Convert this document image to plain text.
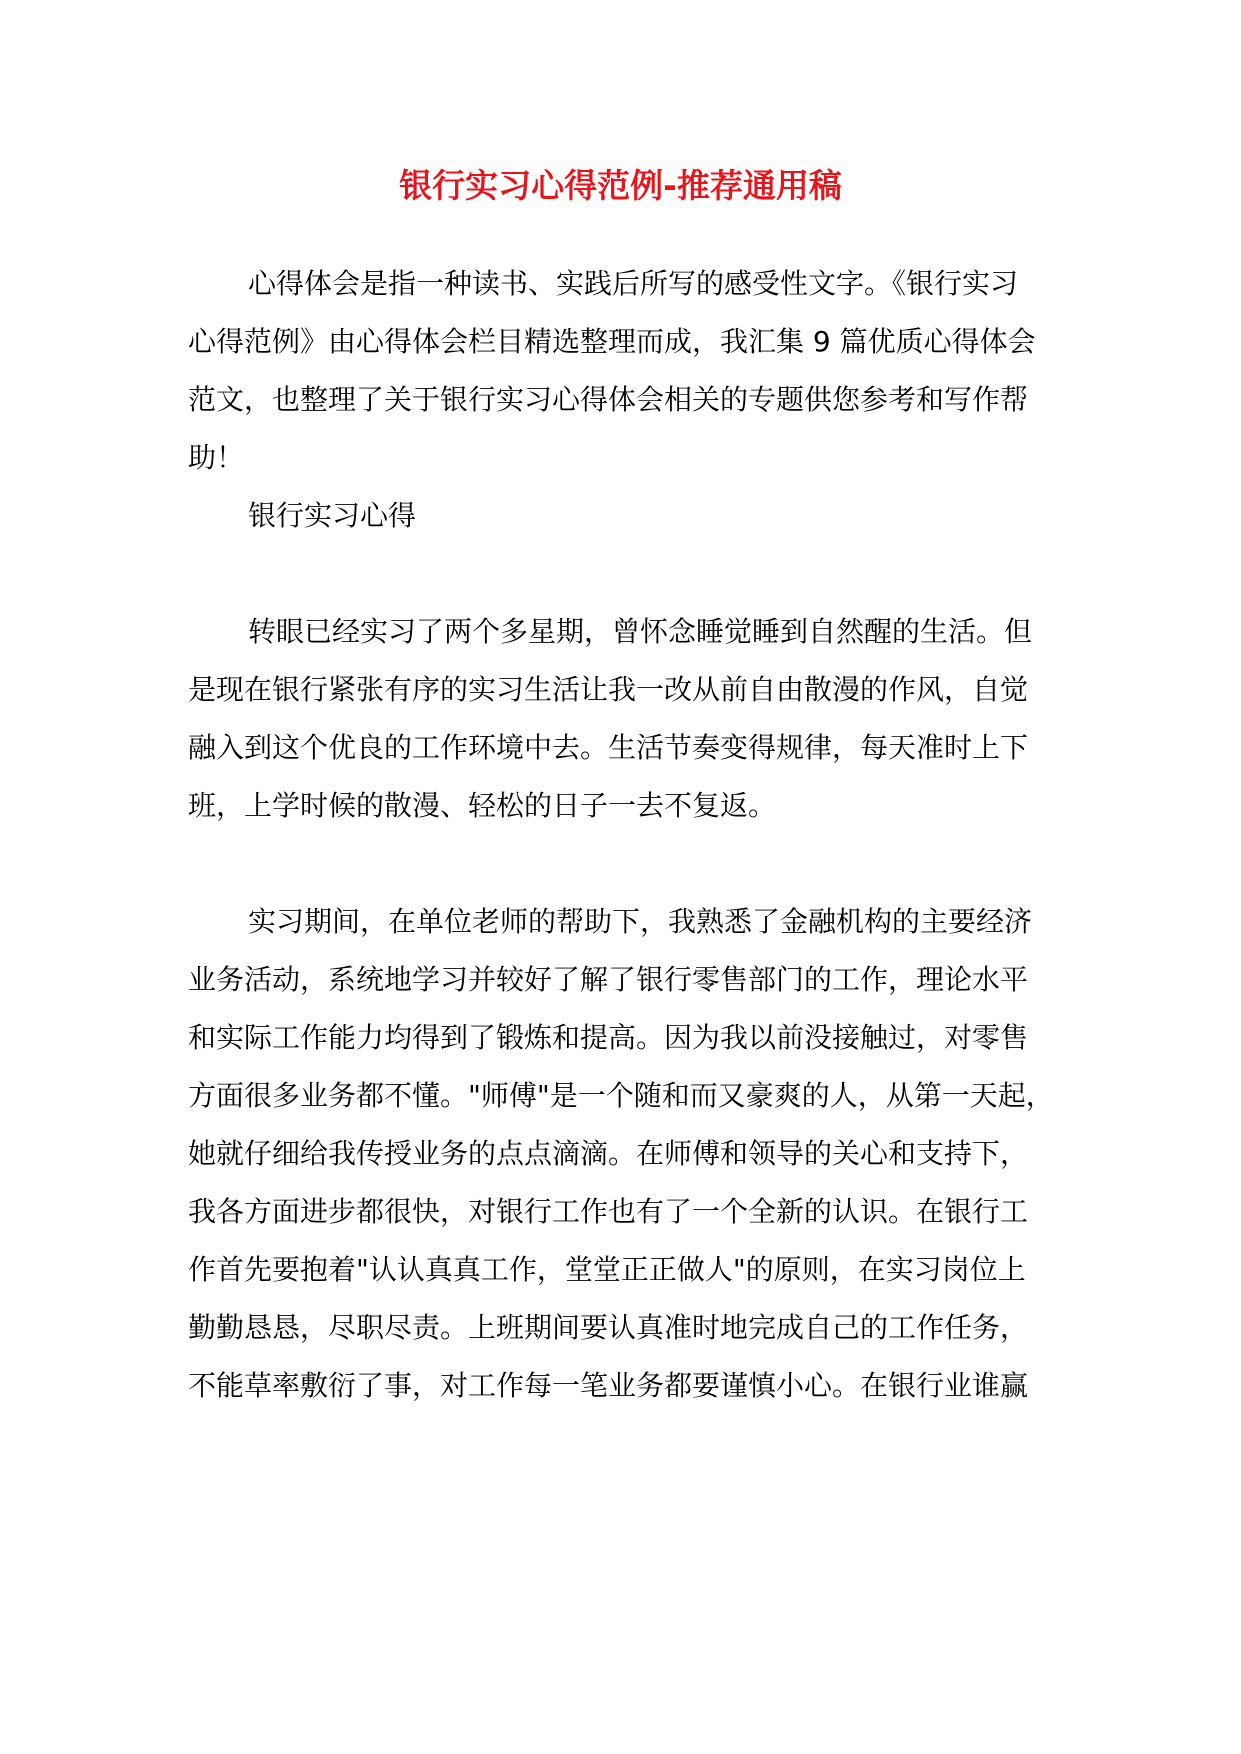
银行实习心得范例-推荐通用稿

心得体会是指一种读书、实践后所写的感受性文字。《银行实习

心得范例》由心得体会栏目精选整理而成，我汇集 9 篇优质心得体会

范文，也整理了关于银行实习心得体会相关的专题供您参考和写作帮

助！

银行实习心得

转眼已经实习了两个多星期，曾怀念睡觉睡到自然醒的生活。但

是现在银行紧张有序的实习生活让我一改从前自由散漫的作风，自觉

融入到这个优良的工作环境中去。生活节奏变得规律，每天准时上下

班，上学时候的散漫、轻松的日子一去不复返。

实习期间，在单位老师的帮助下，我熟悉了金融机构的主要经济

业务活动，系统地学习并较好了解了银行零售部门的工作，理论水平

和实际工作能力均得到了锻炼和提高。因为我以前没接触过，对零售

方面很多业务都不懂。"师傅"是一个随和而又豪爽的人，从第一天起，

她就仔细给我传授业务的点点滴滴。在师傅和领导的关心和支持下，

我各方面进步都很快，对银行工作也有了一个全新的认识。在银行工

作首先要抱着"认认真真工作，堂堂正正做人"的原则，在实习岗位上

勤勤恳恳，尽职尽责。上班期间要认真准时地完成自己的工作任务，

不能草率敷衍了事，对工作每一笔业务都要谨慎小心。在银行业谁赢
